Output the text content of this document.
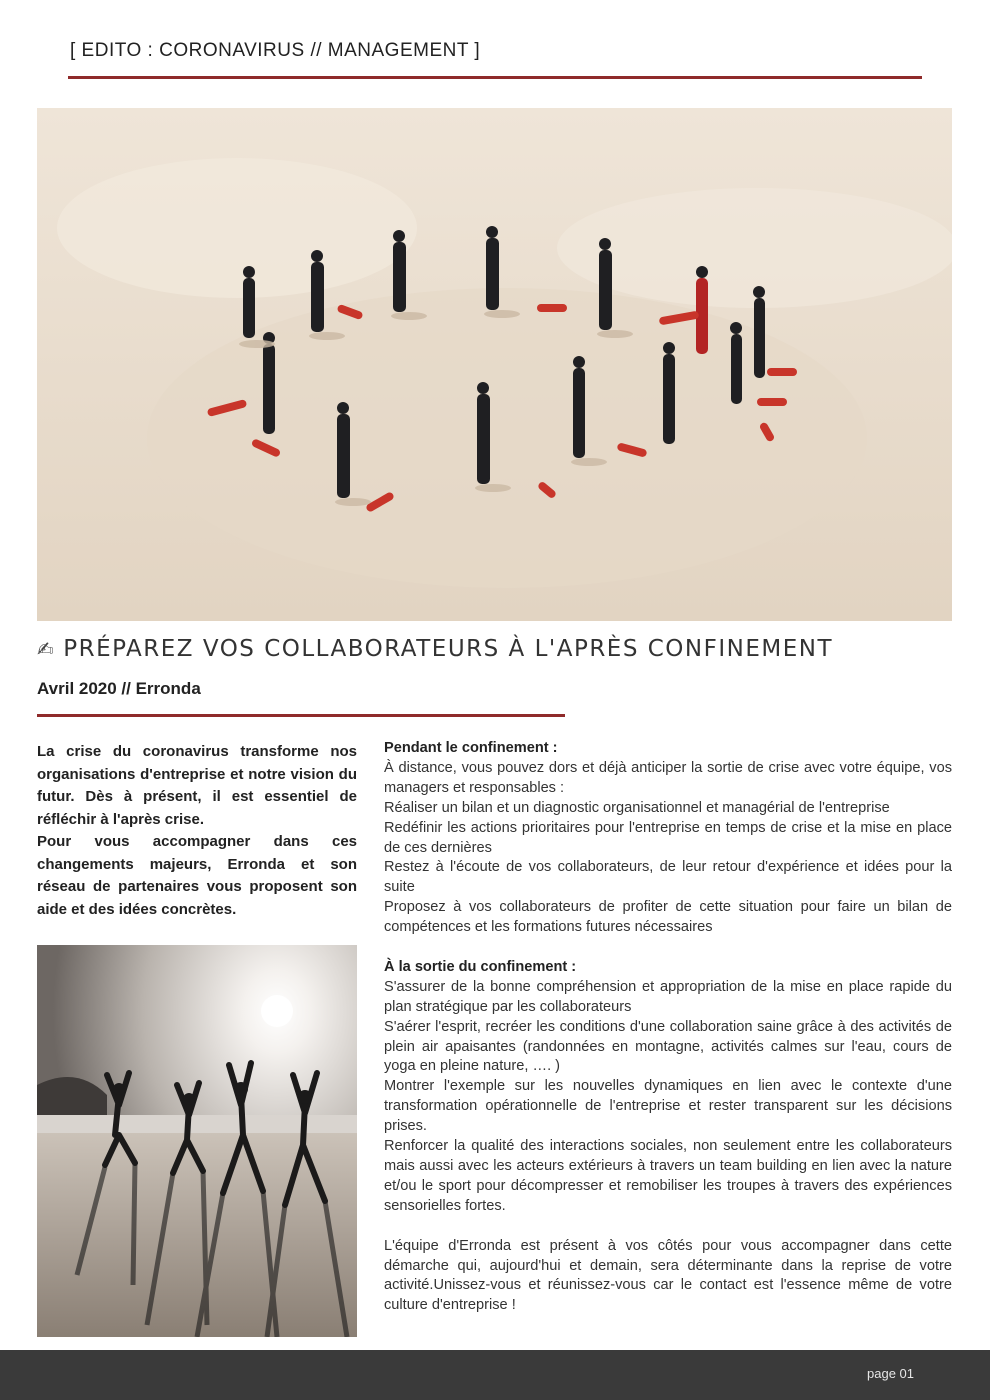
[ EDITO : CORONAVIRUS // MANAGEMENT ]
✍ PRÉPAREZ VOS COLLABORATEURS À L'APRÈS CONFINEMENT
Avril 2020 // Erronda

La crise du coronavirus transforme nos organisations d'entreprise et notre vision du futur. Dès à présent, il est essentiel de réfléchir à l'après crise.

Pour vous accompagner dans ces changements majeurs, Erronda et son réseau de partenaires vous proposent son aide et des idées concrètes.

Pendant le confinement :
À distance, vous pouvez dors et déjà anticiper la sortie de crise avec votre équipe, vos managers et responsables :
Réaliser un bilan et un diagnostic organisationnel et managérial de l'entreprise
Redéfinir les actions prioritaires pour l'entreprise en temps de crise et la mise en place de ces dernières
Restez à l'écoute de vos collaborateurs, de leur retour d'expérience et idées pour la suite
Proposez à vos collaborateurs de profiter de cette situation pour faire un bilan de compétences et les formations futures nécessaires
À la sortie du confinement :
S'assurer de la bonne compréhension et appropriation de la mise en place rapide du plan stratégique par les collaborateurs
S'aérer l'esprit, recréer les conditions d'une collaboration saine grâce à des activités de plein air apaisantes (randonnées en montagne, activités calmes sur l'eau, cours de yoga en pleine nature, …. )
Montrer l'exemple sur les nouvelles dynamiques en lien avec le contexte d'une transformation opérationnelle de l'entreprise et rester transparent sur les décisions prises.
Renforcer la qualité des interactions sociales, non seulement entre les collaborateurs mais aussi avec les acteurs extérieurs à travers un team building en lien avec la nature et/ou le sport pour décompresser et remobiliser les troupes à travers des expériences sensorielles fortes.
L'équipe d'Erronda est présent à vos côtés pour vous accompagner dans cette démarche qui, aujourd'hui et demain, sera déterminante dans la reprise de votre activité.Unissez-vous et réunissez-vous car le contact est l'essence même de votre culture d'entreprise !
page 01
